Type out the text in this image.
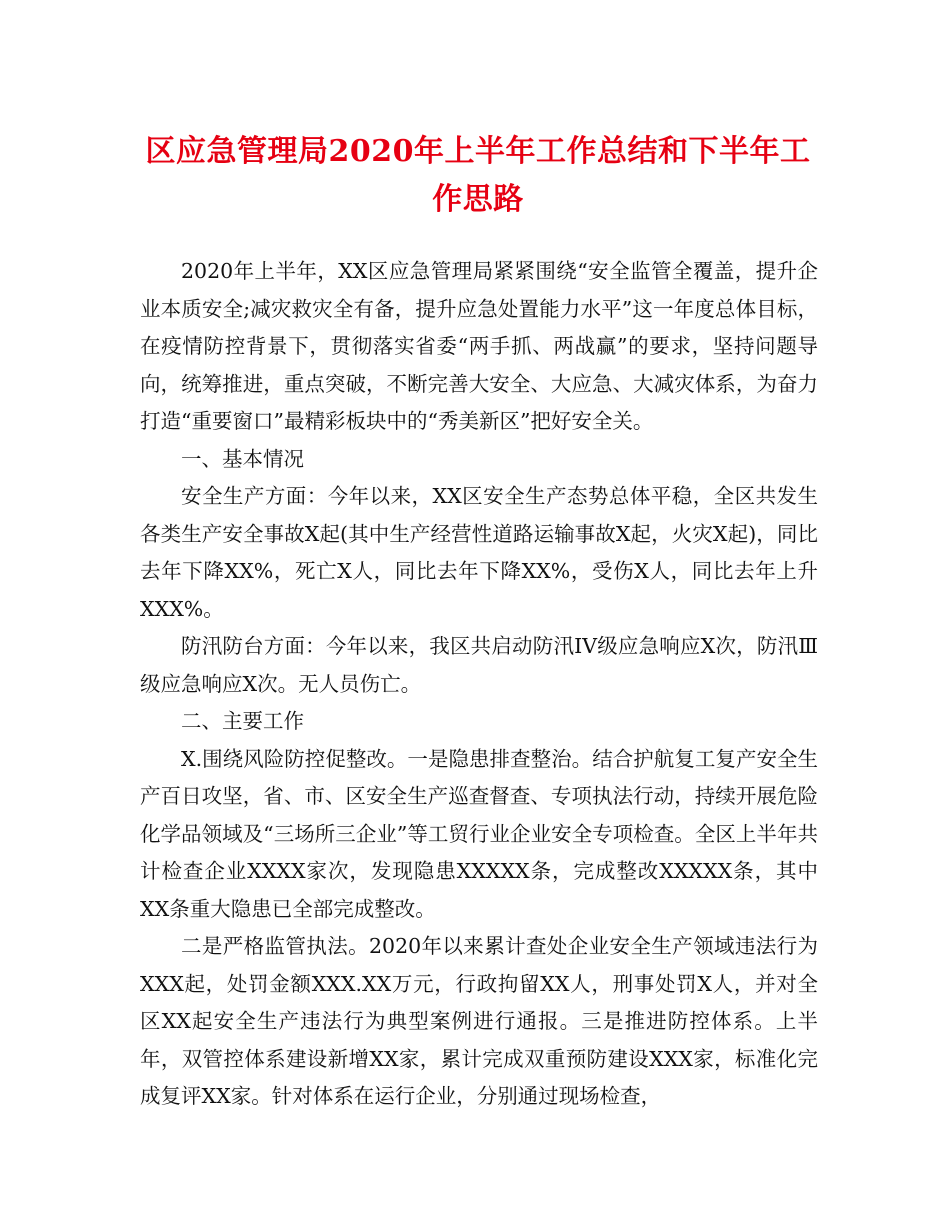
区应急管理局2020年上半年工作总结和下半年工作思路

2020年上半年，XX区应急管理局紧紧围绕“安全监管全覆盖，提升企业本质安全;减灾救灾全有备，提升应急处置能力水平”这一年度总体目标，在疫情防控背景下，贯彻落实省委“两手抓、两战赢”的要求，坚持问题导向，统筹推进，重点突破，不断完善大安全、大应急、大减灾体系，为奋力打造“重要窗口”最精彩板块中的“秀美新区”把好安全关。

一、基本情况

安全生产方面：今年以来，XX区安全生产态势总体平稳，全区共发生各类生产安全事故X起(其中生产经营性道路运输事故X起，火灾X起)，同比去年下降XX%，死亡X人，同比去年下降XX%，受伤X人，同比去年上升XXX%。

防汛防台方面：今年以来，我区共启动防汛IV级应急响应X次，防汛Ⅲ级应急响应X次。无人员伤亡。

二、主要工作

X.围绕风险防控促整改。一是隐患排查整治。结合护航复工复产安全生产百日攻坚，省、市、区安全生产巡查督查、专项执法行动，持续开展危险化学品领域及“三场所三企业”等工贸行业企业安全专项检查。全区上半年共计检查企业XXXX家次，发现隐患XXXXX条，完成整改XXXXX条，其中XX条重大隐患已全部完成整改。

二是严格监管执法。2020年以来累计查处企业安全生产领域违法行为XXX起，处罚金额XXX.XX万元，行政拘留XX人，刑事处罚X人，并对全区XX起安全生产违法行为典型案例进行通报。三是推进防控体系。上半年，双管控体系建设新增XX家，累计完成双重预防建设XXX家，标准化完成复评XX家。针对体系在运行企业，分别通过现场检查，
